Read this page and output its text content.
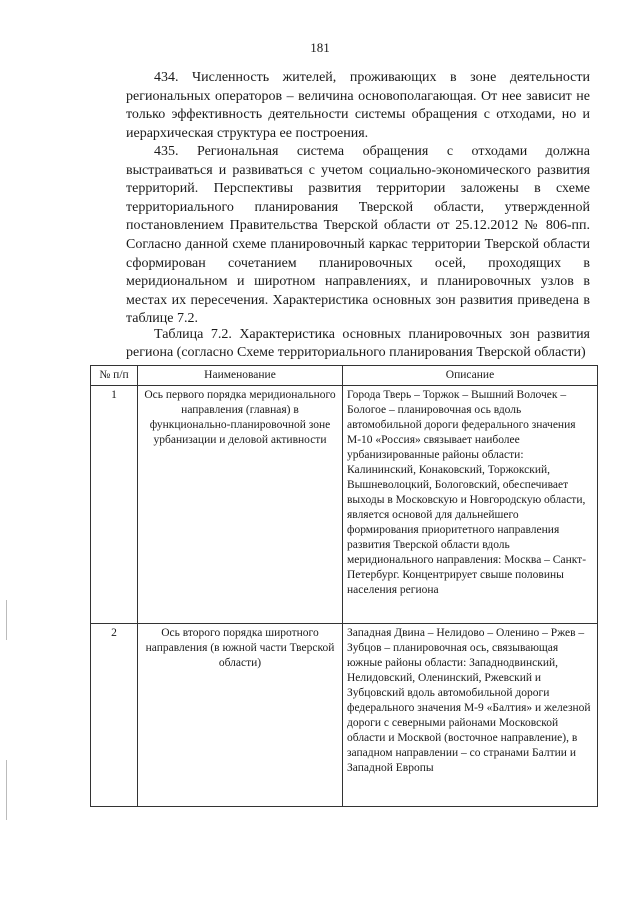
181

434. Численность жителей, проживающих в зоне деятельности региональных операторов – величина основополагающая. От нее зависит не только эффективность деятельности системы обращения с отходами, но и иерархическая структура ее построения.

435. Региональная система обращения с отходами должна выстраиваться и развиваться с учетом социально-экономического развития территорий. Перспективы развития территории заложены в схеме территориального планирования Тверской области, утвержденной постановлением Правительства Тверской области от 25.12.2012 № 806-пп. Согласно данной схеме планировочный каркас территории Тверской области сформирован сочетанием планировочных осей, проходящих в меридиональном и широтном направлениях, и планировочных узлов в местах их пересечения. Характеристика основных зон развития приведена в таблице 7.2.

Таблица 7.2. Характеристика основных планировочных зон развития региона (согласно Схеме территориального планирования Тверской области)

№ п/п	Наименование	Описание
1	Ось первого порядка меридионального направления (главная) в функционально-планировочной зоне урбанизации и деловой активности	Города Тверь – Торжок – Вышний Волочек – Бологое – планировочная ось вдоль автомобильной дороги федерального значения М-10 «Россия» связывает наиболее урбанизированные районы области: Калининский, Конаковский, Торжокский, Вышневолоцкий, Бологовский, обеспечивает выходы в Московскую и Новгородскую области, является основой для дальнейшего формирования приоритетного направления развития Тверской области вдоль меридионального направления: Москва – Санкт-Петербург. Концентрирует свыше половины населения региона
2	Ось второго порядка широтного направления (в южной части Тверской области)	Западная Двина – Нелидово – Оленино – Ржев – Зубцов – планировочная ось, связывающая южные районы области: Западнодвинский, Нелидовский, Оленинский, Ржевский и Зубцовский вдоль автомобильной дороги федерального значения М-9 «Балтия» и железной дороги с северными районами Московской области и Москвой (восточное направление), в западном направлении – со странами Балтии и Западной Европы
